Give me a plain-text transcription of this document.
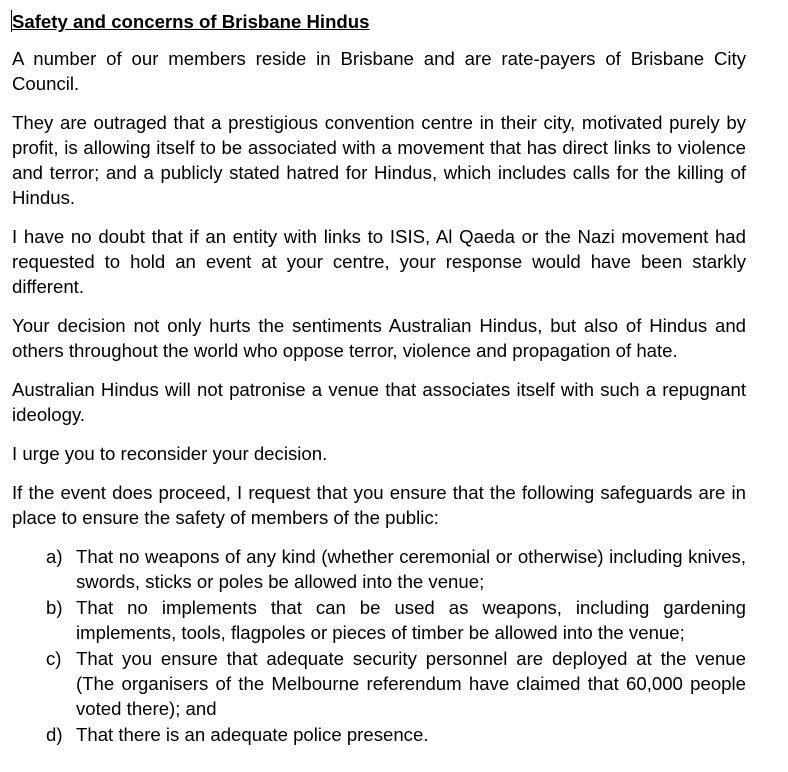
Safety and concerns of Brisbane Hindus

A number of our members reside in Brisbane and are rate-payers of Brisbane City Council.

They are outraged that a prestigious convention centre in their city, motivated purely by profit, is allowing itself to be associated with a movement that has direct links to violence and terror; and a publicly stated hatred for Hindus, which includes calls for the killing of Hindus.

I have no doubt that if an entity with links to ISIS, Al Qaeda or the Nazi movement had requested to hold an event at your centre, your response would have been starkly different.

Your decision not only hurts the sentiments Australian Hindus, but also of Hindus and others throughout the world who oppose terror, violence and propagation of hate.

Australian Hindus will not patronise a venue that associates itself with such a repugnant ideology.

I urge you to reconsider your decision.

If the event does proceed, I request that you ensure that the following safeguards are in place to ensure the safety of members of the public:

a) That no weapons of any kind (whether ceremonial or otherwise) including knives, swords, sticks or poles be allowed into the venue;
b) That no implements that can be used as weapons, including gardening implements, tools, flagpoles or pieces of timber be allowed into the venue;
c) That you ensure that adequate security personnel are deployed at the venue (The organisers of the Melbourne referendum have claimed that 60,000 people voted there); and
d) That there is an adequate police presence.
